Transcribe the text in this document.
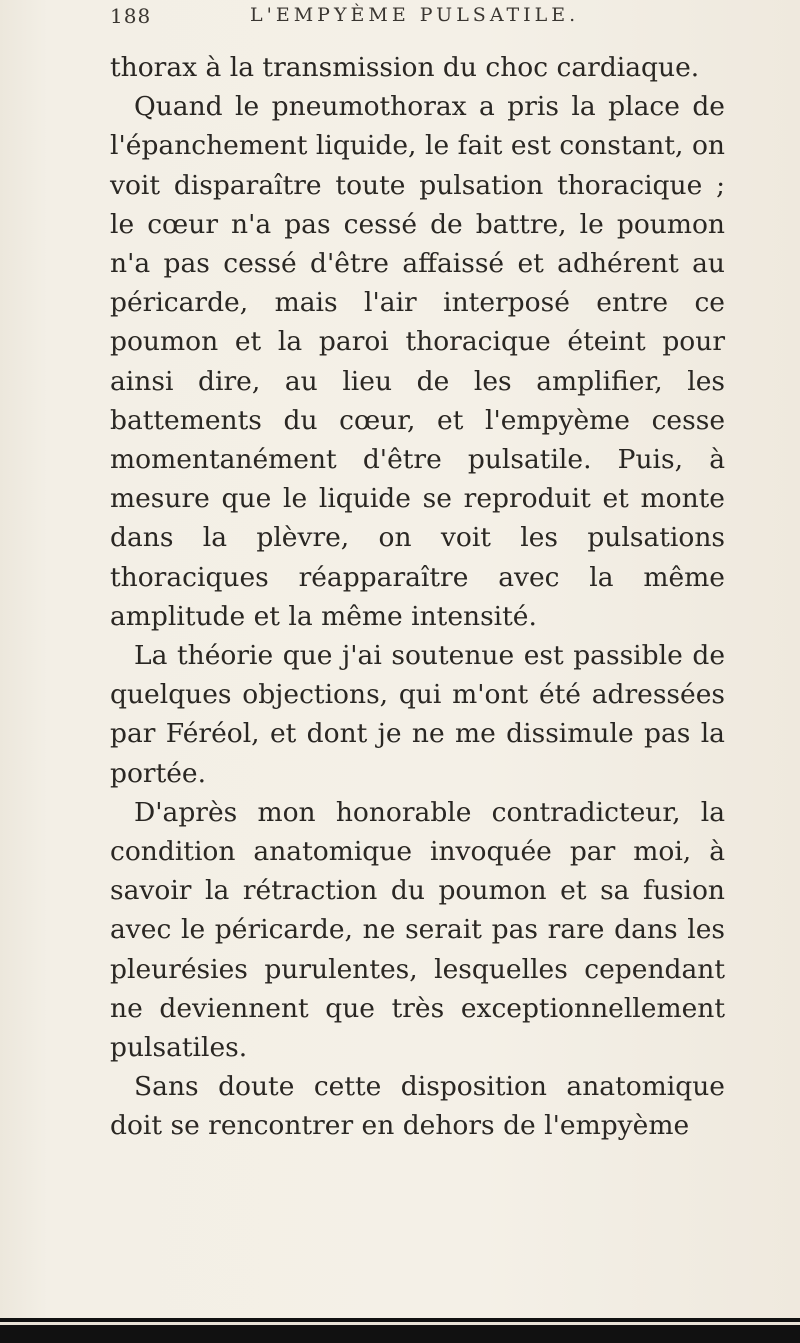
188	L'EMPYÈME PULSATILE.

thorax à la transmission du choc cardiaque.

Quand le pneumothorax a pris la place de l'épanchement liquide, le fait est constant, on voit disparaître toute pulsation thoracique ; le cœur n'a pas cessé de battre, le poumon n'a pas cessé d'être affaissé et adhérent au péricarde, mais l'air interposé entre ce poumon et la paroi thoracique éteint pour ainsi dire, au lieu de les amplifier, les battements du cœur, et l'empyème cesse momentanément d'être pulsatile. Puis, à mesure que le liquide se reproduit et monte dans la plèvre, on voit les pulsations thoraciques réapparaître avec la même amplitude et la même intensité.

La théorie que j'ai soutenue est passible de quelques objections, qui m'ont été adressées par Féréol, et dont je ne me dissimule pas la portée.

D'après mon honorable contradicteur, la condition anatomique invoquée par moi, à savoir la rétraction du poumon et sa fusion avec le péricarde, ne serait pas rare dans les pleurésies purulentes, lesquelles cependant ne deviennent que très exceptionnellement pulsatiles.

Sans doute cette disposition anatomique doit se rencontrer en dehors de l'empyème
